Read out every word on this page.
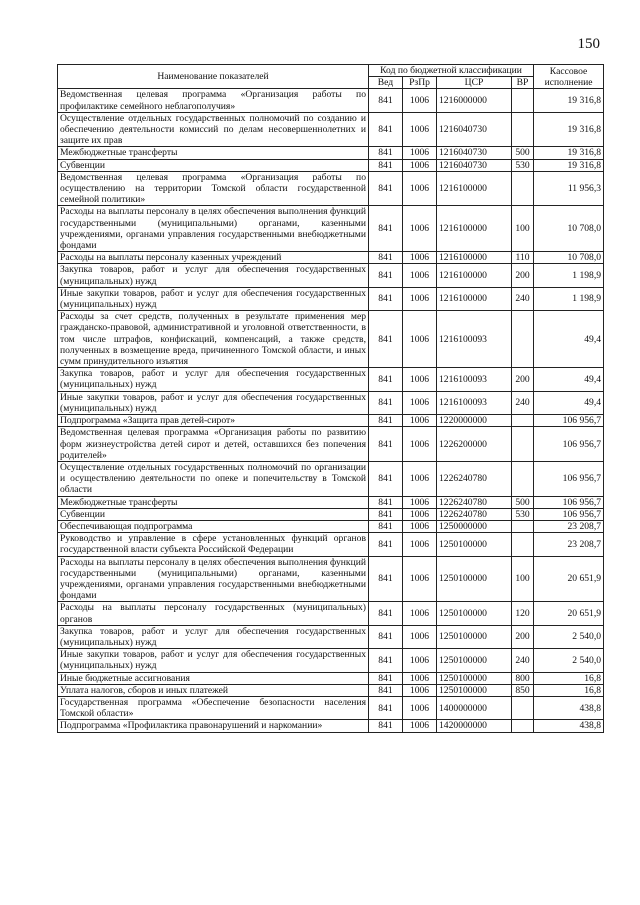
150
Наименование показателей	Код по бюджетной классификации				Кассовое исполнение
	Вед	РзПр	ЦСР	ВР	
Ведомственная целевая программа «Организация работы по профилактике семейного неблагополучия»	841	1006	1216000000		19 316,8
Осуществление отдельных государственных полномочий по созданию и обеспечению деятельности комиссий по делам несовершеннолетних и защите их прав	841	1006	1216040730		19 316,8
Межбюджетные трансферты	841	1006	1216040730	500	19 316,8
Субвенции	841	1006	1216040730	530	19 316,8
Ведомственная целевая программа «Организация работы по осуществлению на территории Томской области государственной семейной политики»	841	1006	1216100000		11 956,3
Расходы на выплаты персоналу в целях обеспечения выполнения функций государственными (муниципальными) органами, казенными учреждениями, органами управления государственными внебюджетными фондами	841	1006	1216100000	100	10 708,0
Расходы на выплаты персоналу казенных учреждений	841	1006	1216100000	110	10 708,0
Закупка товаров, работ и услуг для обеспечения государственных (муниципальных) нужд	841	1006	1216100000	200	1 198,9
Иные закупки товаров, работ и услуг для обеспечения государственных (муниципальных) нужд	841	1006	1216100000	240	1 198,9
Расходы за счет средств, полученных в результате применения мер гражданско-правовой, административной и уголовной ответственности, в том числе штрафов, конфискаций, компенсаций, а также средств, полученных в возмещение вреда, причиненного Томской области, и иных сумм принудительного изъятия	841	1006	1216100093		49,4
Закупка товаров, работ и услуг для обеспечения государственных (муниципальных) нужд	841	1006	1216100093	200	49,4
Иные закупки товаров, работ и услуг для обеспечения государственных (муниципальных) нужд	841	1006	1216100093	240	49,4
Подпрограмма «Защита прав детей-сирот»	841	1006	1220000000		106 956,7
Ведомственная целевая программа «Организация работы по развитию форм жизнеустройства детей сирот и детей, оставшихся без попечения родителей»	841	1006	1226200000		106 956,7
Осуществление отдельных государственных полномочий по организации и осуществлению деятельности по опеке и попечительству в Томской области	841	1006	1226240780		106 956,7
Межбюджетные трансферты	841	1006	1226240780	500	106 956,7
Субвенции	841	1006	1226240780	530	106 956,7
Обеспечивающая подпрограмма	841	1006	1250000000		23 208,7
Руководство и управление в сфере установленных функций органов государственной власти субъекта Российской Федерации	841	1006	1250100000		23 208,7
Расходы на выплаты персоналу в целях обеспечения выполнения функций государственными (муниципальными) органами, казенными учреждениями, органами управления государственными внебюджетными фондами	841	1006	1250100000	100	20 651,9
Расходы на выплаты персоналу государственных (муниципальных) органов	841	1006	1250100000	120	20 651,9
Закупка товаров, работ и услуг для обеспечения государственных (муниципальных) нужд	841	1006	1250100000	200	2 540,0
Иные закупки товаров, работ и услуг для обеспечения государственных (муниципальных) нужд	841	1006	1250100000	240	2 540,0
Иные бюджетные ассигнования	841	1006	1250100000	800	16,8
Уплата налогов, сборов и иных платежей	841	1006	1250100000	850	16,8
Государственная программа «Обеспечение безопасности населения Томской области»	841	1006	1400000000		438,8
Подпрограмма «Профилактика правонарушений и наркомании»	841	1006	1420000000		438,8
